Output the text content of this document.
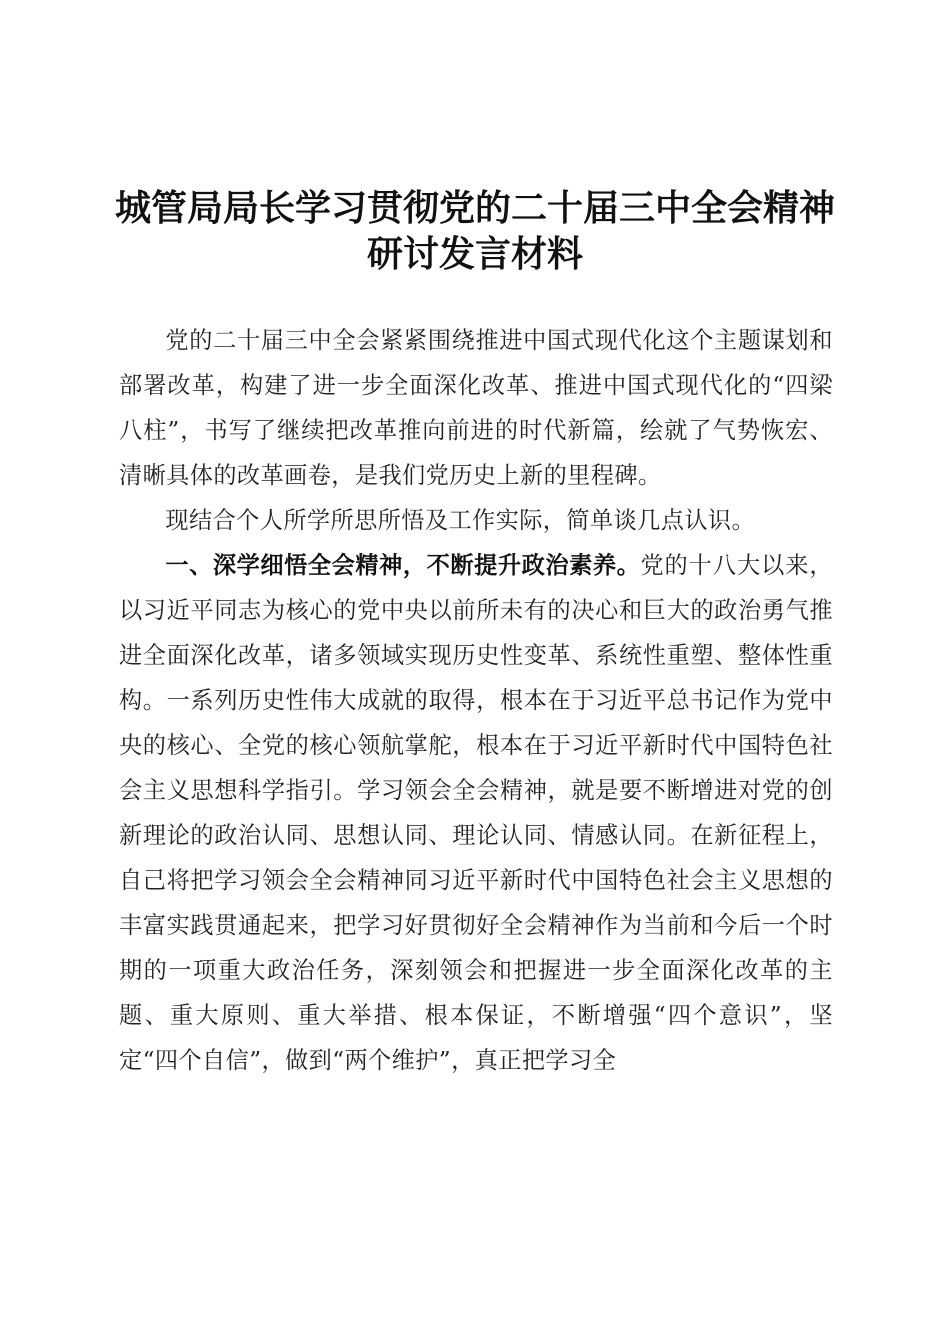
城管局局长学习贯彻党的二十届三中全会精神
研讨发言材料

党的二十届三中全会紧紧围绕推进中国式现代化这个主题谋划和部署改革，构建了进一步全面深化改革、推进中国式现代化的“四梁八柱”，书写了继续把改革推向前进的时代新篇，绘就了气势恢宏、清晰具体的改革画卷，是我们党历史上新的里程碑。

现结合个人所学所思所悟及工作实际，简单谈几点认识。

一、深学细悟全会精神，不断提升政治素养。党的十八大以来，以习近平同志为核心的党中央以前所未有的决心和巨大的政治勇气推进全面深化改革，诸多领域实现历史性变革、系统性重塑、整体性重构。一系列历史性伟大成就的取得，根本在于习近平总书记作为党中央的核心、全党的核心领航掌舵，根本在于习近平新时代中国特色社会主义思想科学指引。学习领会全会精神，就是要不断增进对党的创新理论的政治认同、思想认同、理论认同、情感认同。在新征程上，自己将把学习领会全会精神同习近平新时代中国特色社会主义思想的丰富实践贯通起来，把学习好贯彻好全会精神作为当前和今后一个时期的一项重大政治任务，深刻领会和把握进一步全面深化改革的主题、重大原则、重大举措、根本保证，不断增强“四个意识”，坚定“四个自信”，做到“两个维护”，真正把学习全
